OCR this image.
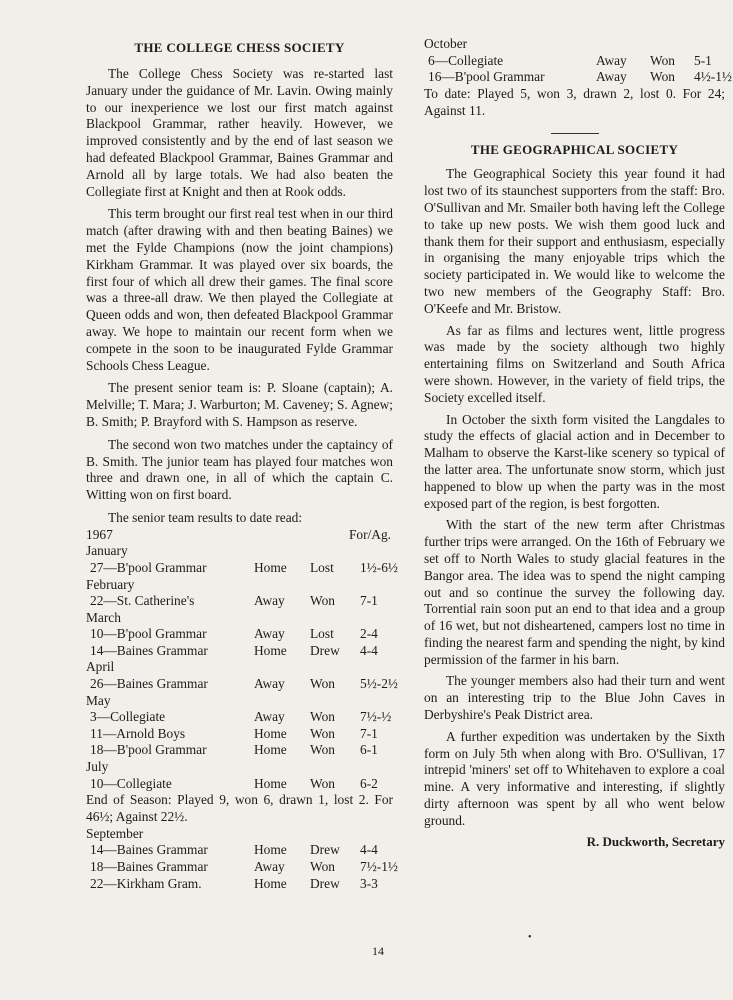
THE COLLEGE CHESS SOCIETY

The College Chess Society was re-started last January under the guidance of Mr. Lavin. Owing mainly to our inexperience we lost our first match against Blackpool Grammar, rather heavily. However, we improved consistently and by the end of last season we had defeated Blackpool Grammar, Baines Grammar and Arnold all by large totals. We had also beaten the Collegiate first at Knight and then at Rook odds.

This term brought our first real test when in our third match (after drawing with and then beating Baines) we met the Fylde Champions (now the joint champions) Kirkham Grammar. It was played over six boards, the first four of which all drew their games. The final score was a three-all draw. We then played the Collegiate at Queen odds and won, then defeated Blackpool Grammar away. We hope to maintain our recent form when we compete in the soon to be inaugurated Fylde Grammar Schools Chess League.

The present senior team is: P. Sloane (captain); A. Melville; T. Mara; J. Warburton; M. Caveney; S. Agnew; B. Smith; P. Brayford with S. Hampson as reserve.

The second won two matches under the captaincy of B. Smith. The junior team has played four matches won three and drawn one, in all of which the captain C. Witting won on first board.

The senior team results to date read:

1967	For/Ag.
January
27—B'pool Grammar	Home Lost 1½-6½
February
22—St. Catherine's	Away Won 7-1
March
10—B'pool Grammar	Away Lost 2-4
14—Baines Grammar	Home Drew 4-4
April
26—Baines Grammar	Away Won 5½-2½
May
3—Collegiate	Away Won 7½-½
11—Arnold Boys	Home Won 7-1
18—B'pool Grammar	Home Won 6-1
July
10—Collegiate	Home Won 6-2

End of Season: Played 9, won 6, drawn 1, lost 2. For 46½; Against 22½.

September
14—Baines Grammar	Home Drew 4-4
18—Baines Grammar	Away Won 7½-1½
22—Kirkham Gram.	Home Drew 3-3
October
6—Collegiate	Away Won 5-1
16—B'pool Grammar	Away Won 4½-1½

To date: Played 5, won 3, drawn 2, lost 0. For 24; Against 11.

THE GEOGRAPHICAL SOCIETY

The Geographical Society this year found it had lost two of its staunchest supporters from the staff: Bro. O'Sullivan and Mr. Smailer both having left the College to take up new posts. We wish them good luck and thank them for their support and enthusiasm, especially in organising the many enjoyable trips which the society participated in. We would like to welcome the two new members of the Geography Staff: Bro. O'Keefe and Mr. Bristow.

As far as films and lectures went, little progress was made by the society although two highly entertaining films on Switzerland and South Africa were shown. However, in the variety of field trips, the Society excelled itself.

In October the sixth form visited the Langdales to study the effects of glacial action and in December to Malham to observe the Karst-like scenery so typical of the latter area. The unfortunate snow storm, which just happened to blow up when the party was in the most exposed part of the region, is best forgotten.

With the start of the new term after Christmas further trips were arranged. On the 16th of February we set off to North Wales to study glacial features in the Bangor area. The idea was to spend the night camping out and so continue the survey the following day. Torrential rain soon put an end to that idea and a group of 16 wet, but not disheartened, campers lost no time in finding the nearest farm and spending the night, by kind permission of the farmer in his barn.

The younger members also had their turn and went on an interesting trip to the Blue John Caves in Derbyshire's Peak District area.

A further expedition was undertaken by the Sixth form on July 5th when along with Bro. O'Sullivan, 17 intrepid 'miners' set off to Whitehaven to explore a coal mine. A very informative and interesting, if slightly dirty afternoon was spent by all who went below ground.

R. Duckworth, Secretary
•
14
